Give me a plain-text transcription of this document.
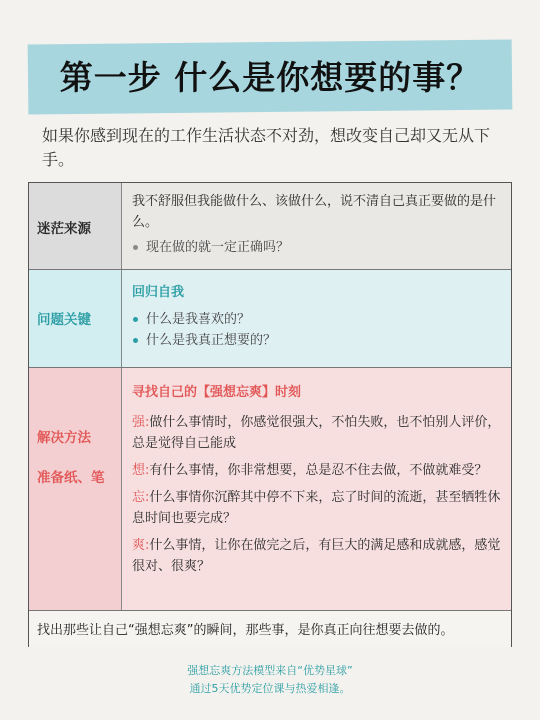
第一步 什么是你想要的事？
如果你感到现在的工作生活状态不对劲，想改变自己却又无从下手。
迷茫来源
我不舒服但我能做什么、该做什么，说不清自己真正要做的是什么。
现在做的就一定正确吗？
问题关键
回归自我
什么是我喜欢的？
什么是我真正想要的？
解决方法
准备纸、笔
寻找自己的【强想忘爽】时刻
强:做什么事情时，你感觉很强大，不怕失败，也不怕别人评价，总是觉得自己能成
想:有什么事情，你非常想要，总是忍不住去做，不做就难受？
忘:什么事情你沉醉其中停不下来，忘了时间的流逝，甚至牺牲休息时间也要完成？
爽:什么事情，让你在做完之后，有巨大的满足感和成就感，感觉很对、很爽？
找出那些让自己“强想忘爽”的瞬间，那些事，是你真正向往想要去做的。
强想忘爽方法模型来自“优势星球”
通过5天优势定位课与热爱相逢。
